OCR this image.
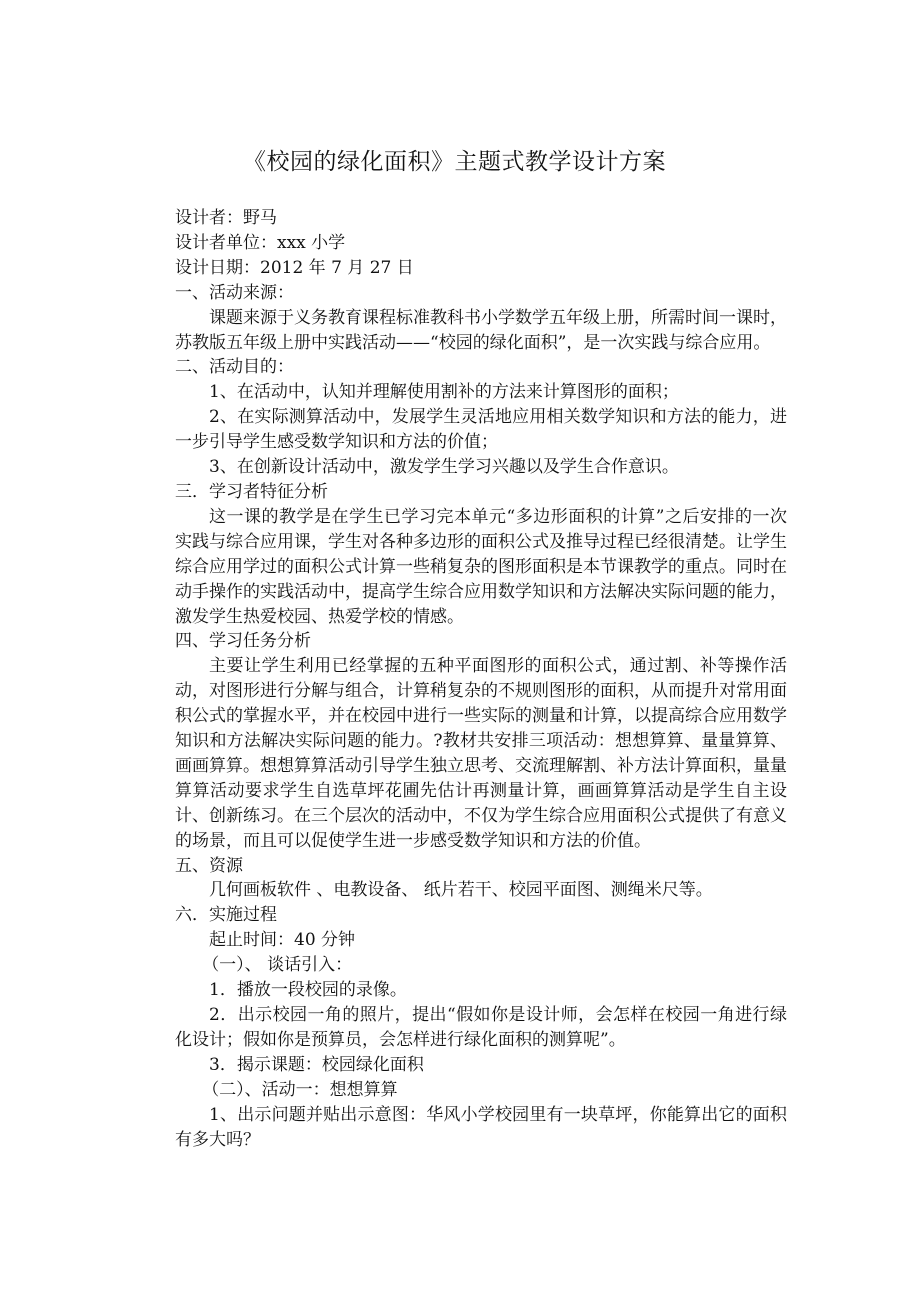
《校园的绿化面积》主题式教学设计方案
设计者：野马
设计者单位：xxx 小学
设计日期：2012 年 7 月 27 日
一、活动来源：
课题来源于义务教育课程标准教科书小学数学五年级上册，所需时间一课时，苏教版五年级上册中实践活动——“校园的绿化面积”，是一次实践与综合应用。
二、活动目的：
1、在活动中，认知并理解使用割补的方法来计算图形的面积；
2、在实际测算活动中，发展学生灵活地应用相关数学知识和方法的能力，进一步引导学生感受数学知识和方法的价值；
3、在创新设计活动中，激发学生学习兴趣以及学生合作意识。
三．学习者特征分析
这一课的教学是在学生已学习完本单元“多边形面积的计算”之后安排的一次实践与综合应用课，学生对各种多边形的面积公式及推导过程已经很清楚。让学生综合应用学过的面积公式计算一些稍复杂的图形面积是本节课教学的重点。同时在动手操作的实践活动中，提高学生综合应用数学知识和方法解决实际问题的能力，激发学生热爱校园、热爱学校的情感。
四、学习任务分析
主要让学生利用已经掌握的五种平面图形的面积公式，通过割、补等操作活动，对图形进行分解与组合，计算稍复杂的不规则图形的面积，从而提升对常用面积公式的掌握水平，并在校园中进行一些实际的测量和计算，以提高综合应用数学知识和方法解决实际问题的能力。?教材共安排三项活动：想想算算、量量算算、画画算算。想想算算活动引导学生独立思考、交流理解割、补方法计算面积，量量算算活动要求学生自选草坪花圃先估计再测量计算，画画算算活动是学生自主设计、创新练习。在三个层次的活动中，不仅为学生综合应用面积公式提供了有意义的场景，而且可以促使学生进一步感受数学知识和方法的价值。
五、资源
几何画板软件 、电教设备、 纸片若干、校园平面图、测绳米尺等。
六．实施过程
起止时间：40 分钟
（一）、 谈话引入：
1．播放一段校园的录像。
2．出示校园一角的照片，提出“假如你是设计师，会怎样在校园一角进行绿化设计；假如你是预算员，会怎样进行绿化面积的测算呢”。
3．揭示课题：校园绿化面积
（二）、活动一：想想算算
1、出示问题并贴出示意图：华风小学校园里有一块草坪，你能算出它的面积有多大吗？
